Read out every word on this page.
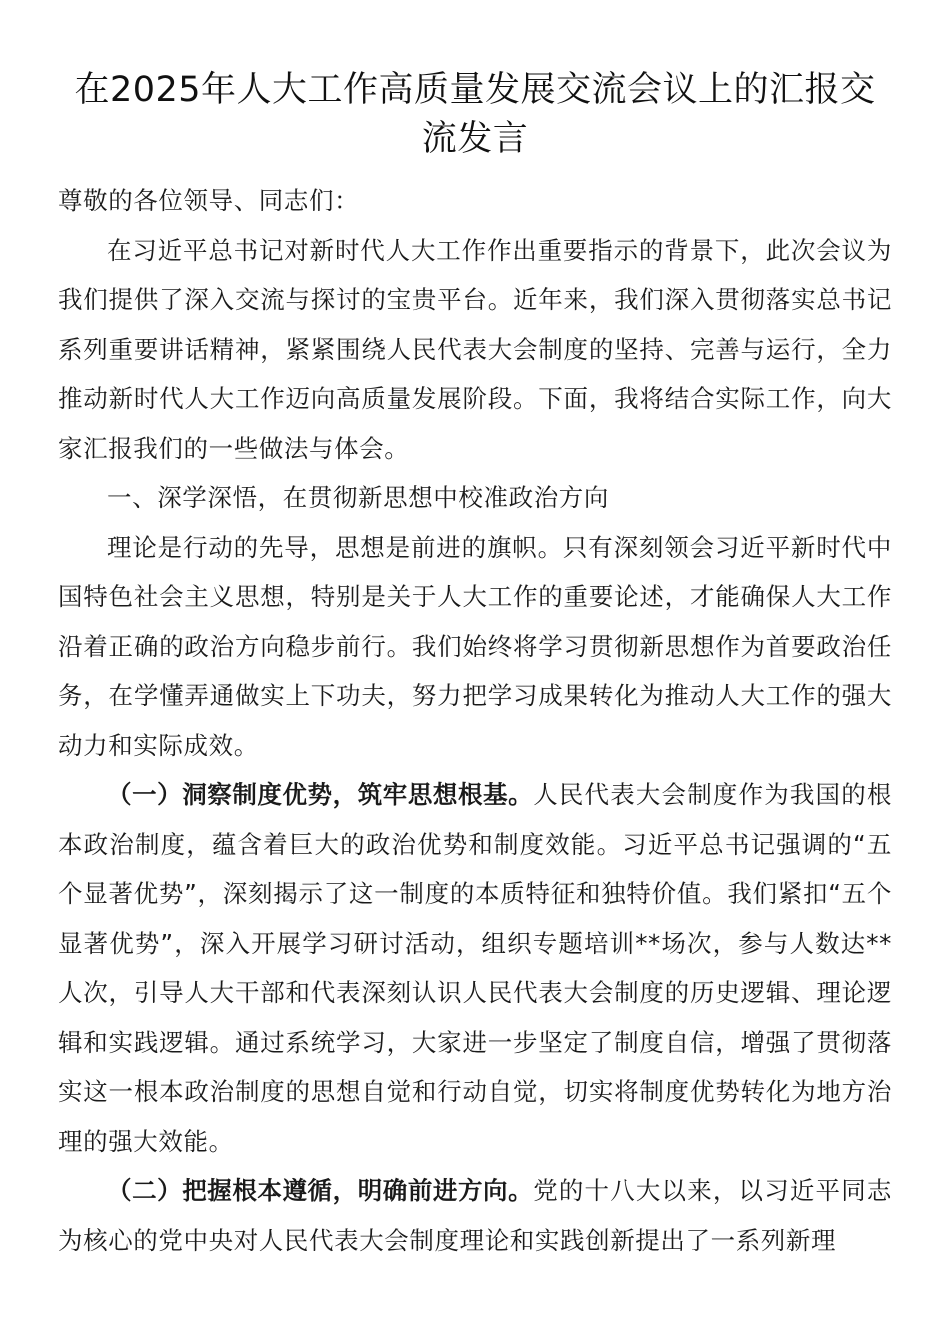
在2025年人大工作高质量发展交流会议上的汇报交流发言

尊敬的各位领导、同志们：

在习近平总书记对新时代人大工作作出重要指示的背景下，此次会议为我们提供了深入交流与探讨的宝贵平台。近年来，我们深入贯彻落实总书记系列重要讲话精神，紧紧围绕人民代表大会制度的坚持、完善与运行，全力推动新时代人大工作迈向高质量发展阶段。下面，我将结合实际工作，向大家汇报我们的一些做法与体会。

一、深学深悟，在贯彻新思想中校准政治方向

理论是行动的先导，思想是前进的旗帜。只有深刻领会习近平新时代中国特色社会主义思想，特别是关于人大工作的重要论述，才能确保人大工作沿着正确的政治方向稳步前行。我们始终将学习贯彻新思想作为首要政治任务，在学懂弄通做实上下功夫，努力把学习成果转化为推动人大工作的强大动力和实际成效。

（一）洞察制度优势，筑牢思想根基。人民代表大会制度作为我国的根本政治制度，蕴含着巨大的政治优势和制度效能。习近平总书记强调的“五个显著优势”，深刻揭示了这一制度的本质特征和独特价值。我们紧扣“五个显著优势”，深入开展学习研讨活动，组织专题培训**场次，参与人数达**人次，引导人大干部和代表深刻认识人民代表大会制度的历史逻辑、理论逻辑和实践逻辑。通过系统学习，大家进一步坚定了制度自信，增强了贯彻落实这一根本政治制度的思想自觉和行动自觉，切实将制度优势转化为地方治理的强大效能。

（二）把握根本遵循，明确前进方向。党的十八大以来，以习近平同志为核心的党中央对人民代表大会制度理论和实践创新提出了一系列新理
